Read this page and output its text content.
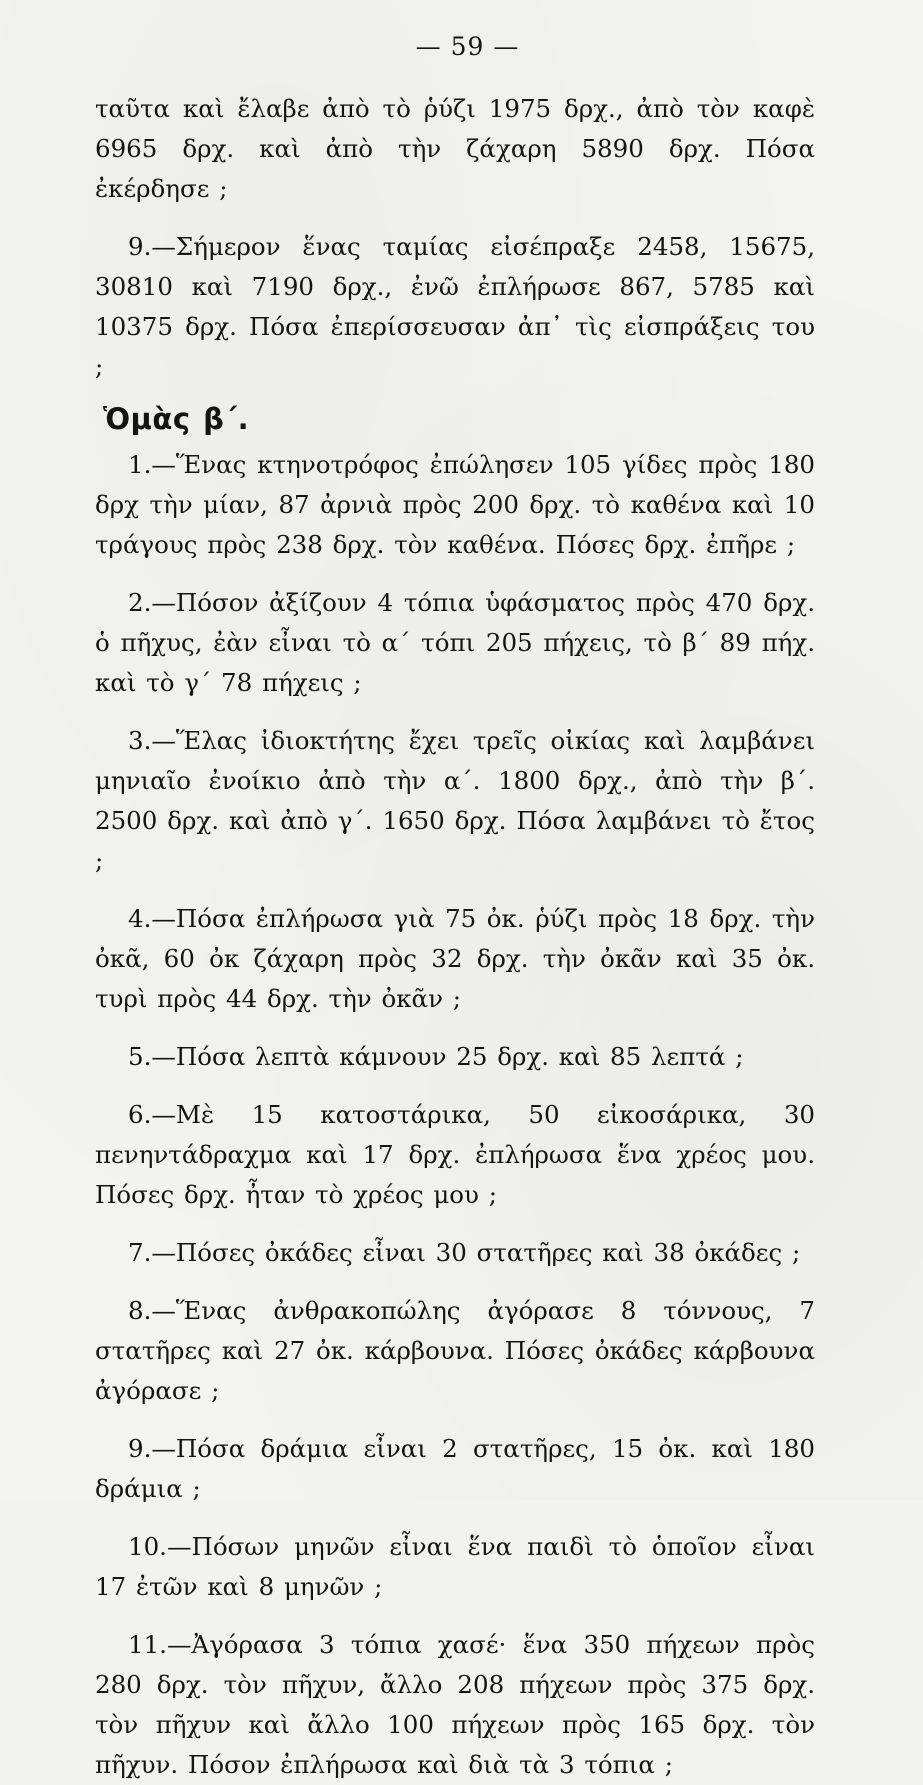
— 59 —

ταῦτα καὶ ἔλαβε ἀπὸ τὸ ῥύζι 1975 δρχ., ἀπὸ τὸν καφὲ 6965 δρχ. καὶ ἀπὸ τὴν ζάχαρη 5890 δρχ. Πόσα ἐκέρδησε ;

9.—Σήμερον ἕνας ταμίας εἰσέπραξε 2458, 15675, 30810 καὶ 7190 δρχ., ἐνῶ ἐπλήρωσε 867, 5785 καὶ 10375 δρχ. Πόσα ἐπερίσσευσαν ἀπ᾿ τὶς εἰσπράξεις του ;

Ὁμὰς β΄.

1.—Ἕνας κτηνοτρόφος ἐπώλησεν 105 γίδες πρὸς 180 δρχ τὴν μίαν, 87 ἀρνιὰ πρὸς 200 δρχ. τὸ καθένα καὶ 10 τράγους πρὸς 238 δρχ. τὸν καθένα. Πόσες δρχ. ἐπῆρε ;

2.—Πόσον ἀξίζουν 4 τόπια ὑφάσματος πρὸς 470 δρχ. ὁ πῆχυς, ἐὰν εἶναι τὸ α΄ τόπι 205 πήχεις, τὸ β΄ 89 πήχ. καὶ τὸ γ΄ 78 πήχεις ;

3.—Ἕλας ἰδιοκτήτης ἔχει τρεῖς οἰκίας καὶ λαμβάνει μηνιαῖο ἐνοίκιο ἀπὸ τὴν α΄. 1800 δρχ., ἀπὸ τὴν β΄. 2500 δρχ. καὶ ἀπὸ γ΄. 1650 δρχ. Πόσα λαμβάνει τὸ ἔτος ;

4.—Πόσα ἐπλήρωσα γιὰ 75 ὀκ. ῥύζι πρὸς 18 δρχ. τὴν ὀκᾶ, 60 ὀκ ζάχαρη πρὸς 32 δρχ. τὴν ὀκᾶν καὶ 35 ὀκ. τυρὶ πρὸς 44 δρχ. τὴν ὀκᾶν ;

5.—Πόσα λεπτὰ κάμνουν 25 δρχ. καὶ 85 λεπτά ;

6.—Μὲ 15 κατοστάρικα, 50 εἰκοσάρικα, 30 πενηντάδραχμα καὶ 17 δρχ. ἐπλήρωσα ἕνα χρέος μου. Πόσες δρχ. ἦταν τὸ χρέος μου ;

7.—Πόσες ὀκάδες εἶναι 30 στατῆρες καὶ 38 ὀκάδες ;

8.—Ἕνας ἀνθρακοπώλης ἀγόρασε 8 τόννους, 7 στατῆρες καὶ 27 ὀκ. κάρβουνα. Πόσες ὀκάδες κάρβουνα ἀγόρασε ;

9.—Πόσα δράμια εἶναι 2 στατῆρες, 15 ὀκ. καὶ 180 δράμια ;

10.—Πόσων μηνῶν εἶναι ἕνα παιδὶ τὸ ὁποῖον εἶναι 17 ἐτῶν καὶ 8 μηνῶν ;

11.—Ἀγόρασα 3 τόπια χασέ· ἕνα 350 πήχεων πρὸς 280 δρχ. τὸν πῆχυν, ἄλλο 208 πήχεων πρὸς 375 δρχ. τὸν πῆχυν καὶ ἄλλο 100 πήχεων πρὸς 165 δρχ. τὸν πῆχυν. Πόσον ἐπλήρωσα καὶ διὰ τὰ 3 τόπια ;
